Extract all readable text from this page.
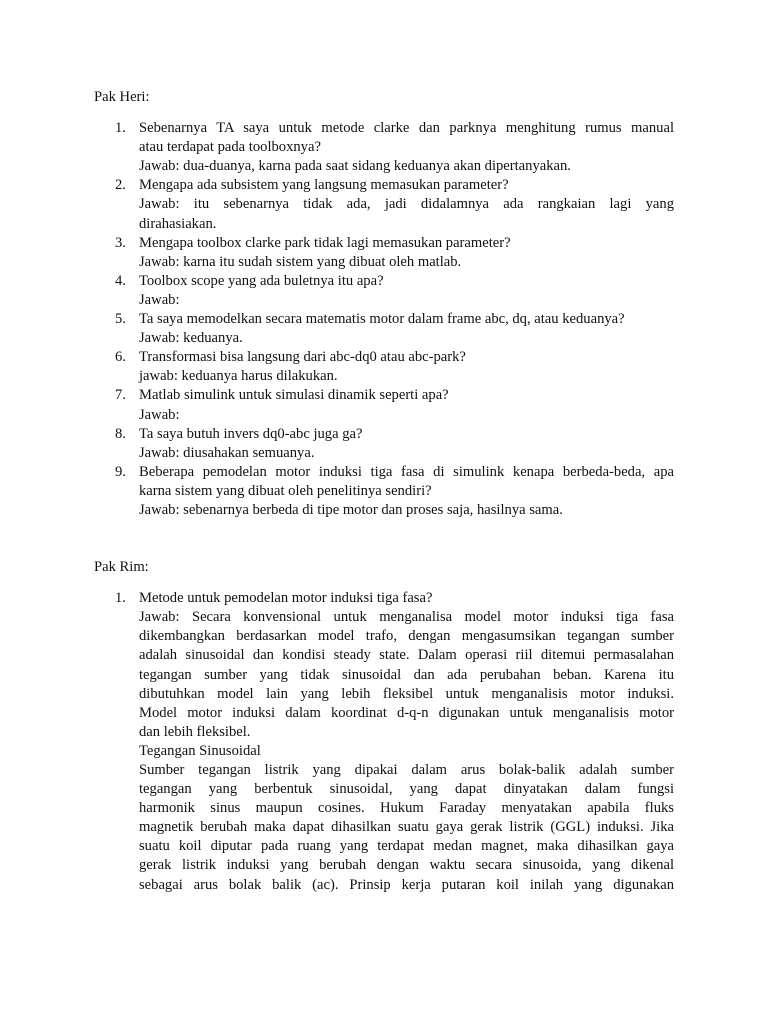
Pak Heri:

1. Sebenarnya TA saya untuk metode clarke dan parknya menghitung rumus manual
atau terdapat pada toolboxnya?
Jawab: dua-duanya, karna pada saat sidang keduanya akan dipertanyakan.
2. Mengapa ada subsistem yang langsung memasukan parameter?
Jawab: itu sebenarnya tidak ada, jadi didalamnya ada rangkaian lagi yang
dirahasiakan.
3. Mengapa toolbox clarke park tidak lagi memasukan parameter?
Jawab: karna itu sudah sistem yang dibuat oleh matlab.
4. Toolbox scope yang ada buletnya itu apa?
Jawab:
5. Ta saya memodelkan secara matematis motor dalam frame abc, dq, atau keduanya?
Jawab: keduanya.
6. Transformasi bisa langsung dari abc-dq0 atau abc-park?
jawab: keduanya harus dilakukan.
7. Matlab simulink untuk simulasi dinamik seperti apa?
Jawab:
8. Ta saya butuh invers dq0-abc juga ga?
Jawab: diusahakan semuanya.
9. Beberapa pemodelan motor induksi tiga fasa di simulink kenapa berbeda-beda, apa
karna sistem yang dibuat oleh penelitinya sendiri?
Jawab: sebenarnya berbeda di tipe motor dan proses saja, hasilnya sama.

Pak Rim:

1. Metode untuk pemodelan motor induksi tiga fasa?
Jawab: Secara konvensional untuk menganalisa model motor induksi tiga fasa
dikembangkan berdasarkan model trafo, dengan mengasumsikan tegangan sumber
adalah sinusoidal dan kondisi steady state. Dalam operasi riil ditemui permasalahan
tegangan sumber yang tidak sinusoidal dan ada perubahan beban. Karena itu
dibutuhkan model lain yang lebih fleksibel untuk menganalisis motor induksi.
Model motor induksi dalam koordinat d-q-n digunakan untuk menganalisis motor
dan lebih fleksibel.
Tegangan Sinusoidal
Sumber tegangan listrik yang dipakai dalam arus bolak-balik adalah sumber
tegangan yang berbentuk sinusoidal, yang dapat dinyatakan dalam fungsi
harmonik sinus maupun cosines. Hukum Faraday menyatakan apabila fluks
magnetik berubah maka dapat dihasilkan suatu gaya gerak listrik (GGL) induksi. Jika
suatu koil diputar pada ruang yang terdapat medan magnet, maka dihasilkan gaya
gerak listrik induksi yang berubah dengan waktu secara sinusoida, yang dikenal
sebagai arus bolak balik (ac). Prinsip kerja putaran koil inilah yang digunakan
